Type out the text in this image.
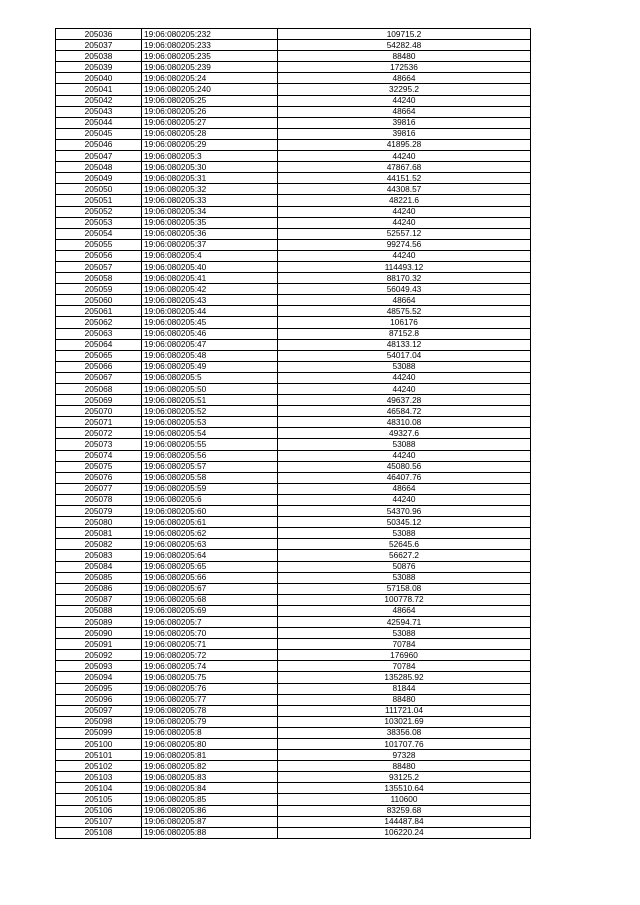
205036	19:06:080205:232	109715.2
205037	19:06:080205:233	54282.48
205038	19:06:080205:235	88480
205039	19:06:080205:239	172536
205040	19:06:080205:24	48664
205041	19:06:080205:240	32295.2
205042	19:06:080205:25	44240
205043	19:06:080205:26	48664
205044	19:06:080205:27	39816
205045	19:06:080205:28	39816
205046	19:06:080205:29	41895.28
205047	19:06:080205:3	44240
205048	19:06:080205:30	47867.68
205049	19:06:080205:31	44151.52
205050	19:06:080205:32	44308.57
205051	19:06:080205:33	48221.6
205052	19:06:080205:34	44240
205053	19:06:080205:35	44240
205054	19:06:080205:36	52557.12
205055	19:06:080205:37	99274.56
205056	19:06:080205:4	44240
205057	19:06:080205:40	114493.12
205058	19:06:080205:41	88170.32
205059	19:06:080205:42	56049.43
205060	19:06:080205:43	48664
205061	19:06:080205:44	48575.52
205062	19:06:080205:45	106176
205063	19:06:080205:46	87152.8
205064	19:06:080205:47	48133.12
205065	19:06:080205:48	54017.04
205066	19:06:080205:49	53088
205067	19:06:080205:5	44240
205068	19:06:080205:50	44240
205069	19:06:080205:51	49637.28
205070	19:06:080205:52	46584.72
205071	19:06:080205:53	48310.08
205072	19:06:080205:54	49327.6
205073	19:06:080205:55	53088
205074	19:06:080205:56	44240
205075	19:06:080205:57	45080.56
205076	19:06:080205:58	46407.76
205077	19:06:080205:59	48664
205078	19:06:080205:6	44240
205079	19:06:080205:60	54370.96
205080	19:06:080205:61	50345.12
205081	19:06:080205:62	53088
205082	19:06:080205:63	52645.6
205083	19:06:080205:64	56627.2
205084	19:06:080205:65	50876
205085	19:06:080205:66	53088
205086	19:06:080205:67	57158.08
205087	19:06:080205:68	100778.72
205088	19:06:080205:69	48664
205089	19:06:080205:7	42594.71
205090	19:06:080205:70	53088
205091	19:06:080205:71	70784
205092	19:06:080205:72	176960
205093	19:06:080205:74	70784
205094	19:06:080205:75	135285.92
205095	19:06:080205:76	81844
205096	19:06:080205:77	88480
205097	19:06:080205:78	111721.04
205098	19:06:080205:79	103021.69
205099	19:06:080205:8	38356.08
205100	19:06:080205:80	101707.76
205101	19:06:080205:81	97328
205102	19:06:080205:82	88480
205103	19:06:080205:83	93125.2
205104	19:06:080205:84	135510.64
205105	19:06:080205:85	110600
205106	19:06:080205:86	83259.68
205107	19:06:080205:87	144487.84
205108	19:06:080205:88	106220.24
